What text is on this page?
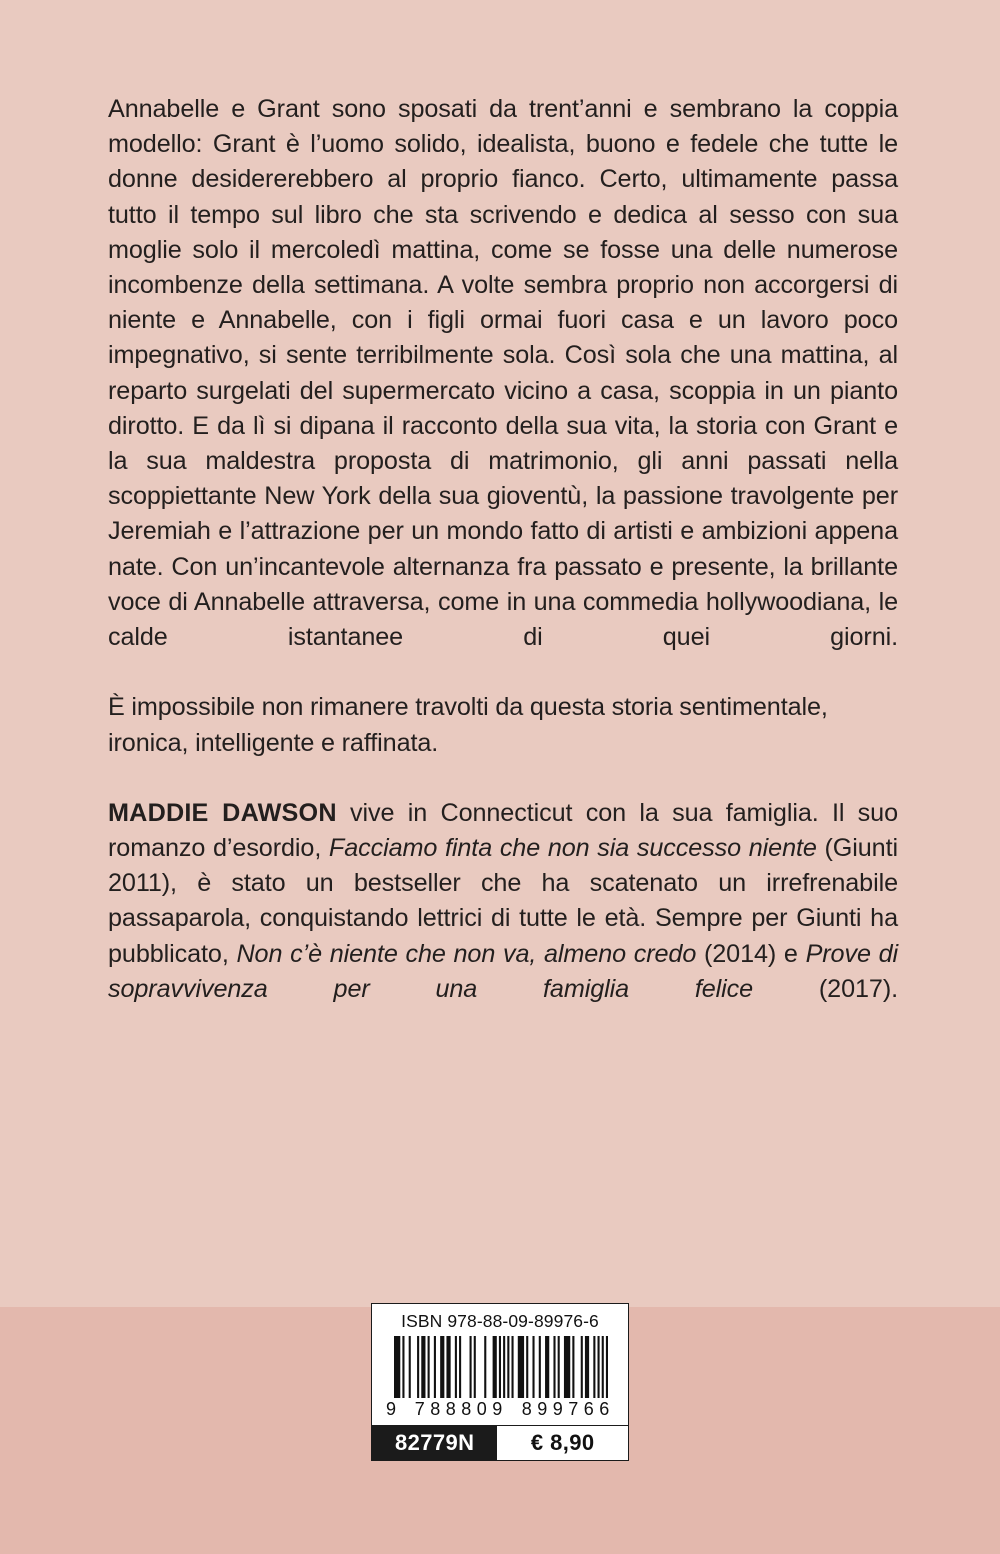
Annabelle e Grant sono sposati da trent’anni e sembrano la coppia modello: Grant è l’uomo solido, idealista, buono e fedele che tutte le donne desidererebbero al proprio fianco. Certo, ultimamente passa tutto il tempo sul libro che sta scrivendo e dedica al sesso con sua moglie solo il mercoledì mattina, come se fosse una delle numerose incombenze della settimana. A volte sembra proprio non accorgersi di niente e Annabelle, con i figli ormai fuori casa e un lavoro poco impegnativo, si sente terribilmente sola. Così sola che una mattina, al reparto surgelati del supermercato vicino a casa, scoppia in un pianto dirotto. E da lì si dipana il racconto della sua vita, la storia con Grant e la sua maldestra proposta di matrimonio, gli anni passati nella scoppiettante New York della sua gioventù, la passione travolgente per Jeremiah e l’attrazione per un mondo fatto di artisti e ambizioni appena nate. Con un’incantevole alternanza fra passato e presente, la brillante voce di Annabelle attraversa, come in una commedia hollywoodiana, le calde istantanee di quei giorni.

È impossibile non rimanere travolti da questa storia sentimentale, ironica, intelligente e raffinata.

MADDIE DAWSON vive in Connecticut con la sua famiglia. Il suo romanzo d’esordio, Facciamo finta che non sia successo niente (Giunti 2011), è stato un bestseller che ha scatenato un irrefrenabile passaparola, conquistando lettrici di tutte le età. Sempre per Giunti ha pubblicato, Non c’è niente che non va, almeno credo (2014) e Prove di sopravvivenza per una famiglia felice (2017).
ISBN 978-88-09-89976-6
9 7 8 8 8 0 9 8 9 9 7 6 6
82779N	€ 8,90
